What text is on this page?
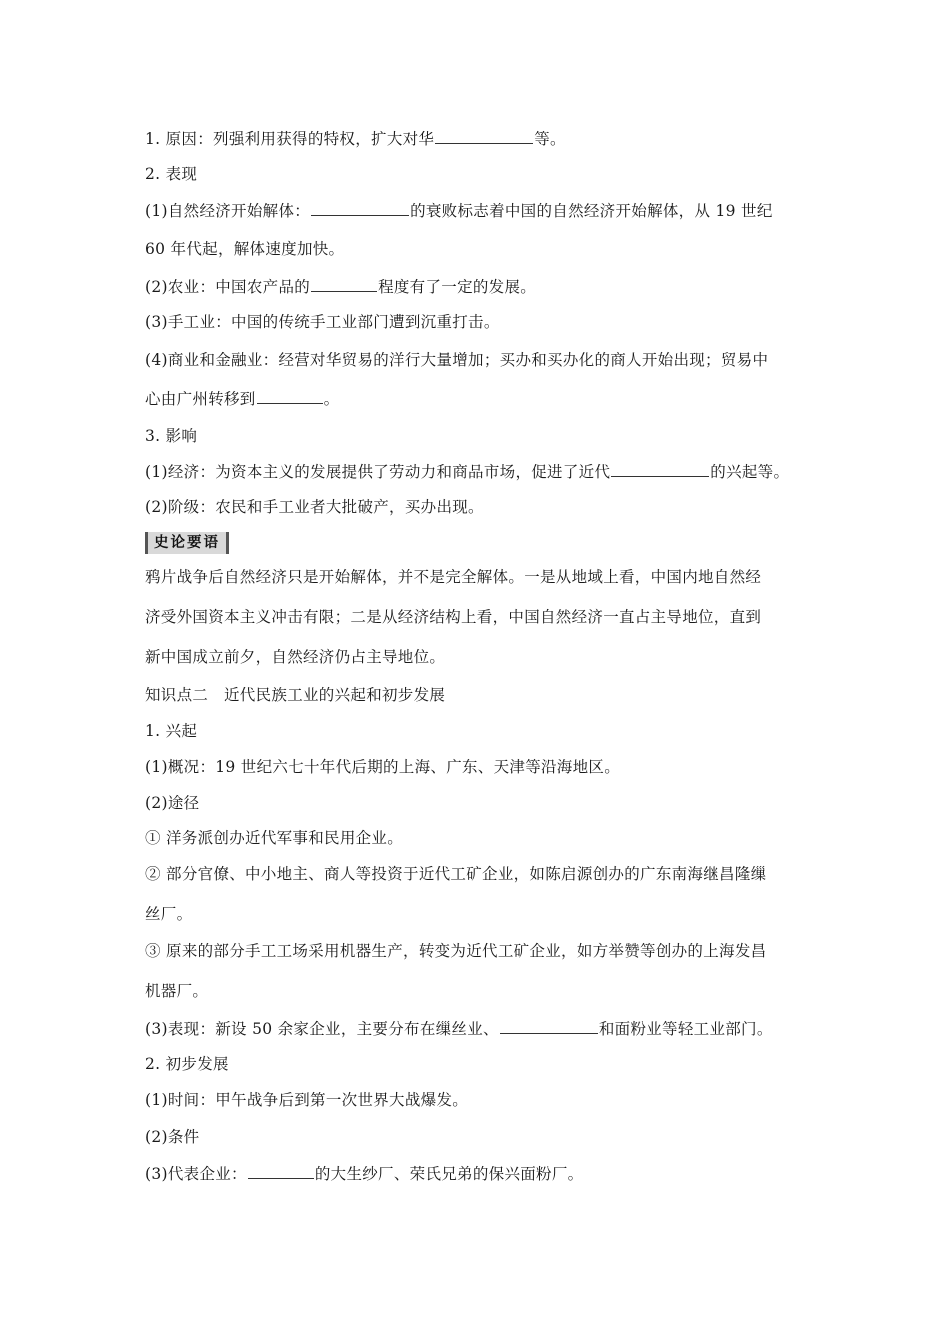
1. 原因：列强利用获得的特权，扩大对华	等。
2. 表现
(1)自然经济开始解体：	的衰败标志着中国的自然经济开始解体，从 19 世纪
60 年代起，解体速度加快。
(2)农业：中国农产品的	程度有了一定的发展。
(3)手工业：中国的传统手工业部门遭到沉重打击。
(4)商业和金融业：经营对华贸易的洋行大量增加；买办和买办化的商人开始出现；贸易中
心由广州转移到	。
3. 影响
(1)经济：为资本主义的发展提供了劳动力和商品市场，促进了近代	的兴起等。
(2)阶级：农民和手工业者大批破产，买办出现。
史论要语
鸦片战争后自然经济只是开始解体，并不是完全解体。一是从地域上看，中国内地自然经
济受外国资本主义冲击有限；二是从经济结构上看，中国自然经济一直占主导地位，直到
新中国成立前夕，自然经济仍占主导地位。
知识点二　近代民族工业的兴起和初步发展
1. 兴起
(1)概况：19 世纪六七十年代后期的上海、广东、天津等沿海地区。
(2)途径
① 洋务派创办近代军事和民用企业。
② 部分官僚、中小地主、商人等投资于近代工矿企业，如陈启源创办的广东南海继昌隆缫
丝厂。
③ 原来的部分手工工场采用机器生产，转变为近代工矿企业，如方举赞等创办的上海发昌
机器厂。
(3)表现：新设 50 余家企业，主要分布在缫丝业、	和面粉业等轻工业部门。
2. 初步发展
(1)时间：甲午战争后到第一次世界大战爆发。
(2)条件
(3)代表企业：	的大生纱厂、荣氏兄弟的保兴面粉厂。
